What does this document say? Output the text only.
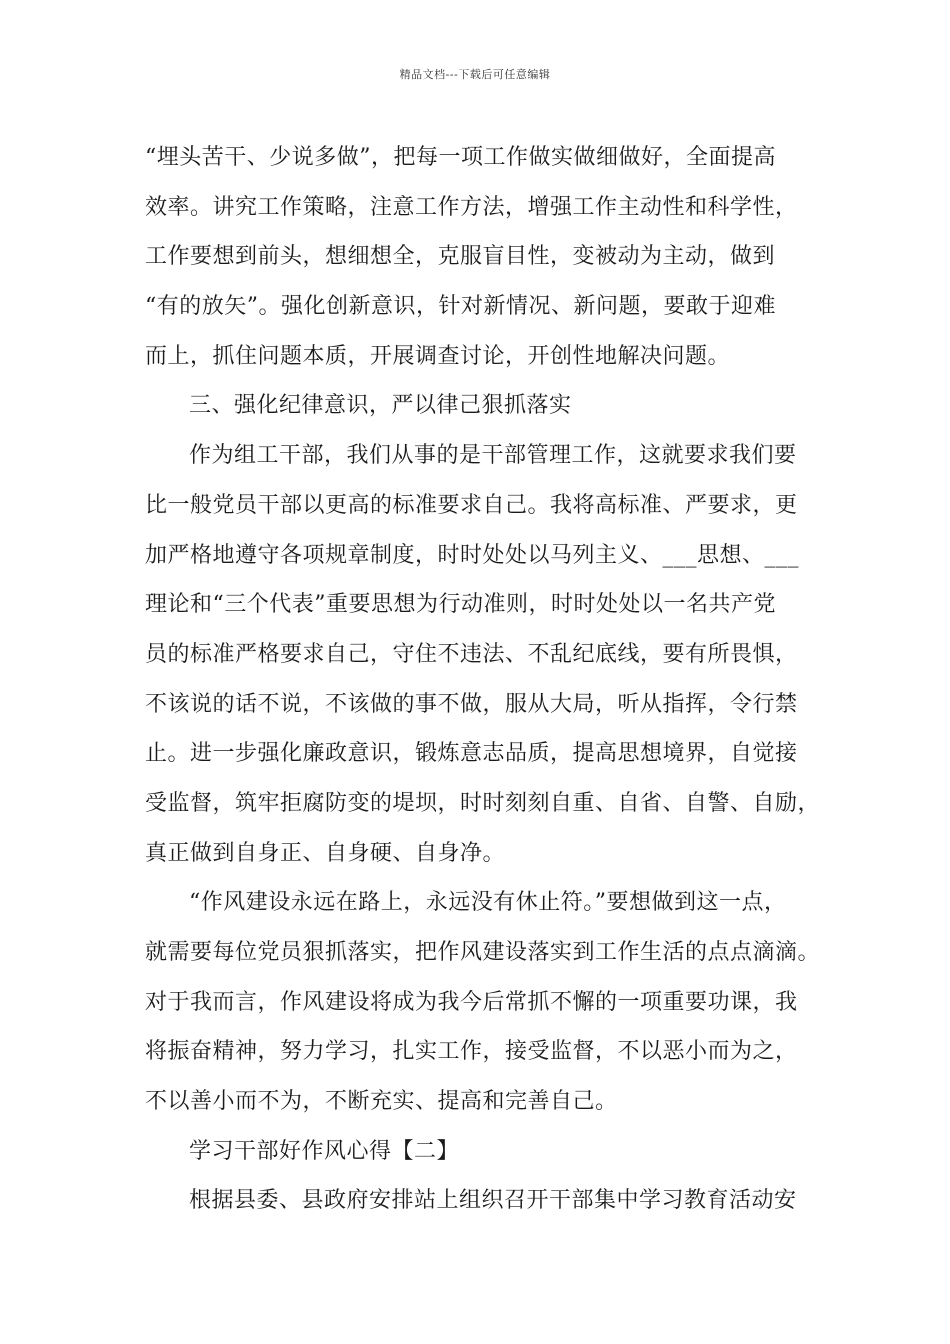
精品文档---下载后可任意编辑
“埋头苦干、少说多做”，把每一项工作做实做细做好，全面提高
效率。讲究工作策略，注意工作方法，增强工作主动性和科学性，
工作要想到前头，想细想全，克服盲目性，变被动为主动，做到
“有的放矢”。强化创新意识，针对新情况、新问题，要敢于迎难
而上，抓住问题本质，开展调查讨论，开创性地解决问题。
三、强化纪律意识，严以律己狠抓落实
作为组工干部，我们从事的是干部管理工作，这就要求我们要
比一般党员干部以更高的标准要求自己。我将高标准、严要求，更
加严格地遵守各项规章制度，时时处处以马列主义、___思想、___
理论和“三个代表”重要思想为行动准则，时时处处以一名共产党
员的标准严格要求自己，守住不违法、不乱纪底线，要有所畏惧，
不该说的话不说，不该做的事不做，服从大局，听从指挥，令行禁
止。进一步强化廉政意识，锻炼意志品质，提高思想境界，自觉接
受监督，筑牢拒腐防变的堤坝，时时刻刻自重、自省、自警、自励，
真正做到自身正、自身硬、自身净。
“作风建设永远在路上，永远没有休止符。”要想做到这一点，
就需要每位党员狠抓落实，把作风建设落实到工作生活的点点滴滴。
对于我而言，作风建设将成为我今后常抓不懈的一项重要功课，我
将振奋精神，努力学习，扎实工作，接受监督，不以恶小而为之，
不以善小而不为，不断充实、提高和完善自己。
学习干部好作风心得【二】
根据县委、县政府安排站上组织召开干部集中学习教育活动安
